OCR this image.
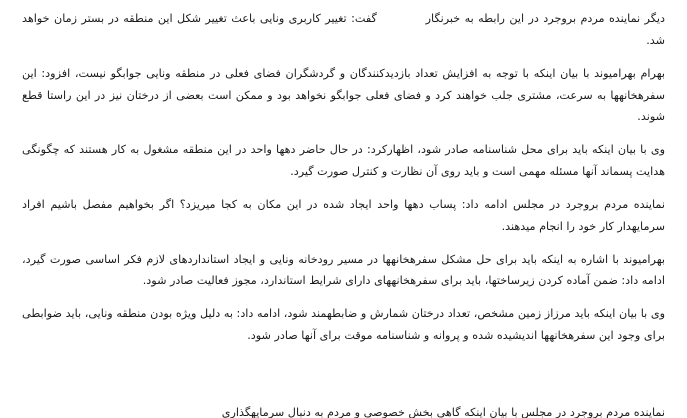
دیگر نماینده مردم بروجرد در این رابطه به خبرنگار  گفت: تغییر کاربری ونایی باعث تغییر شکل این منطقه در بستر زمان خواهد شد.

بهرام بهرامیوند با بیان اینکه با توجه به افزایش تعداد بازدیدکنندگان و گردشگران فضای فعلی در منطقه ونایی جوابگو نیست، افزود: این سفرهخانهها به سرعت، مشتری جلب خواهند کرد و فضای فعلی جوابگو نخواهد بود و ممکن است بعضی از درختان نیز در این راستا قطع شوند.

وی با بیان اینکه باید برای محل شناسنامه صادر شود، اظهارکرد: در حال حاضر دهها واحد در این منطقه مشغول به کار هستند که چگونگی هدایت پسماند آنها مسئله مهمی است و باید روی آن نظارت و کنترل صورت گیرد.

نماینده مردم بروجرد در مجلس ادامه داد: پساب دهها واحد ایجاد شده در این مکان به کجا میریزد؟ اگر بخواهیم مفصل باشیم افراد سرمایهدار کار خود را انجام میدهند.

بهرامیوند با اشاره به اینکه باید برای حل مشکل سفرهخانهها در مسیر رودخانه ونایی و ایجاد استانداردهای لازم فکر اساسی صورت گیرد، ادامه داد: ضمن آماده کردن زیرساختها، باید برای سفرهخانههای دارای شرایط استاندارد، مجوز فعالیت صادر شود.

وی با بیان اینکه باید مرزاز زمین مشخص، تعداد درختان شمارش و ضابطهمند شود، ادامه داد: به دلیل ویژه بودن منطقه ونایی، باید ضوابطی برای وجود این سفرهخانهها اندیشیده شده و پروانه و شناسنامه موقت برای آنها صادر شود.

نماینده مردم بروجرد در مجلس با بیان اینکه گاهی بخش خصوصی و مردم به دنبال سرمایهگذاری
